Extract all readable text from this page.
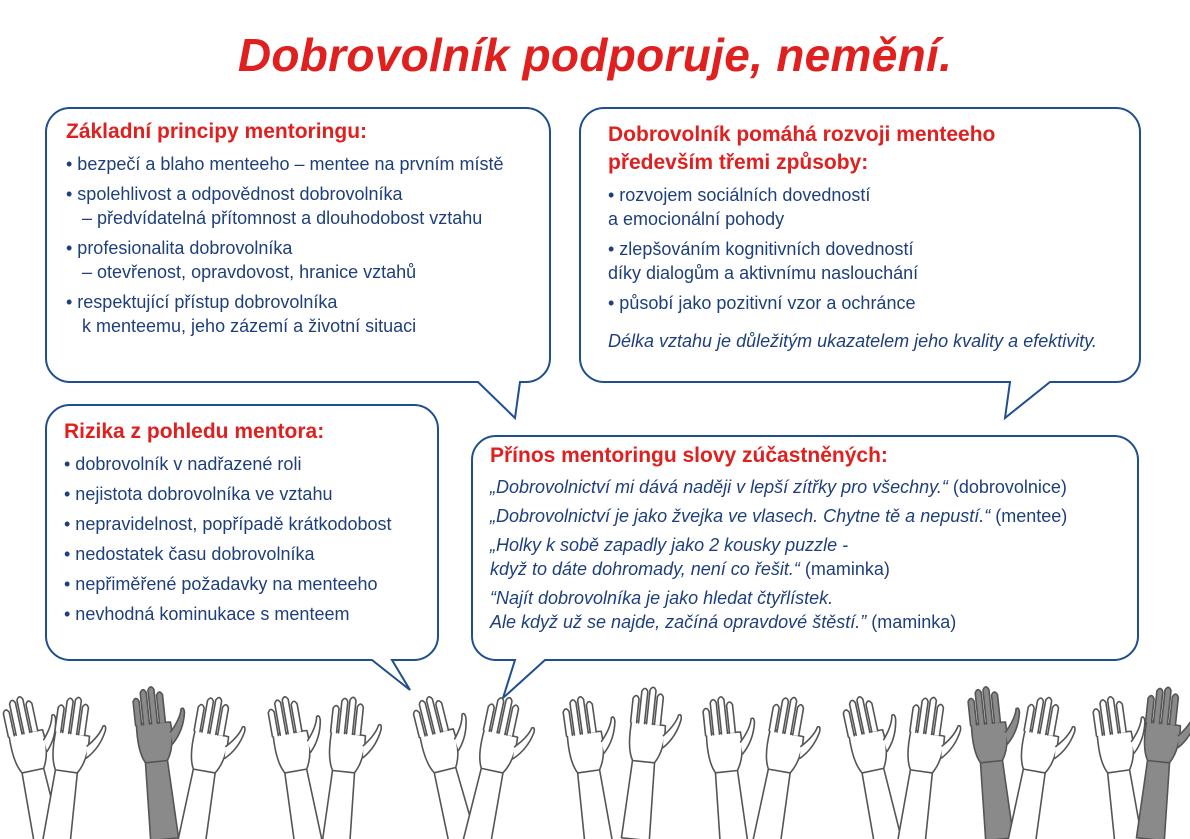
Dobrovolník podporuje, nemění.
Základní principy mentoringu:
• bezpečí a blaho menteeho – mentee na prvním místě
• spolehlivost a odpovědnost dobrovolníka
– předvídatelná přítomnost a dlouhodobost vztahu
• profesionalita dobrovolníka
– otevřenost, opravdovost, hranice vztahů
• respektující přístup dobrovolníka
k menteemu, jeho zázemí a životní situaci
Dobrovolník pomáhá rozvoji menteeho
především třemi způsoby:
• rozvojem sociálních dovedností
a emocionální pohody
• zlepšováním kognitivních dovedností
díky dialogům a aktivnímu naslouchání
• působí jako pozitivní vzor a ochránce
Délka vztahu je důležitým ukazatelem jeho kvality a efektivity.
Rizika z pohledu mentora:
• dobrovolník v nadřazené roli
• nejistota dobrovolníka ve vztahu
• nepravidelnost, popřípadě krátkodobost
• nedostatek času dobrovolníka
• nepřiměřené požadavky na menteeho
• nevhodná kominukace s menteem
Přínos mentoringu slovy zúčastněných:
„Dobrovolnictví mi dává naději v lepší zítřky pro všechny.“ (dobrovolnice)
„Dobrovolnictví je jako žvejka ve vlasech. Chytne tě a nepustí.“ (mentee)
„Holky k sobě zapadly jako 2 kousky puzzle -
když to dáte dohromady, není co řešit.“ (maminka)
“Najít dobrovolníka je jako hledat čtyřlístek.
Ale když už se najde, začíná opravdové štěstí.” (maminka)
